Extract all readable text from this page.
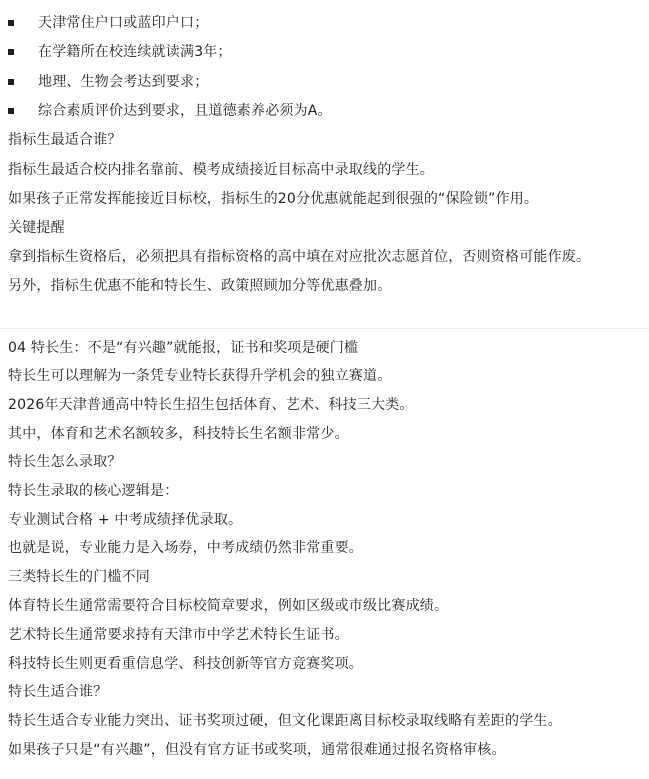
天津常住户口或蓝印户口；
在学籍所在校连续就读满3年；
地理、生物会考达到要求；
综合素质评价达到要求，且道德素养必须为A。
指标生最适合谁？
指标生最适合校内排名靠前、模考成绩接近目标高中录取线的学生。
如果孩子正常发挥能接近目标校，指标生的20分优惠就能起到很强的“保险锁”作用。
关键提醒
拿到指标生资格后，必须把具有指标资格的高中填在对应批次志愿首位，否则资格可能作废。
另外，指标生优惠不能和特长生、政策照顾加分等优惠叠加。
04 特长生：不是“有兴趣”就能报，证书和奖项是硬门槛
特长生可以理解为一条凭专业特长获得升学机会的独立赛道。
2026年天津普通高中特长生招生包括体育、艺术、科技三大类。
其中，体育和艺术名额较多，科技特长生名额非常少。
特长生怎么录取？
特长生录取的核心逻辑是：
专业测试合格 + 中考成绩择优录取。
也就是说，专业能力是入场券，中考成绩仍然非常重要。
三类特长生的门槛不同
体育特长生通常需要符合目标校简章要求，例如区级或市级比赛成绩。
艺术特长生通常要求持有天津市中学艺术特长生证书。
科技特长生则更看重信息学、科技创新等官方竞赛奖项。
特长生适合谁？
特长生适合专业能力突出、证书奖项过硬，但文化课距离目标校录取线略有差距的学生。
如果孩子只是“有兴趣”，但没有官方证书或奖项，通常很难通过报名资格审核。
